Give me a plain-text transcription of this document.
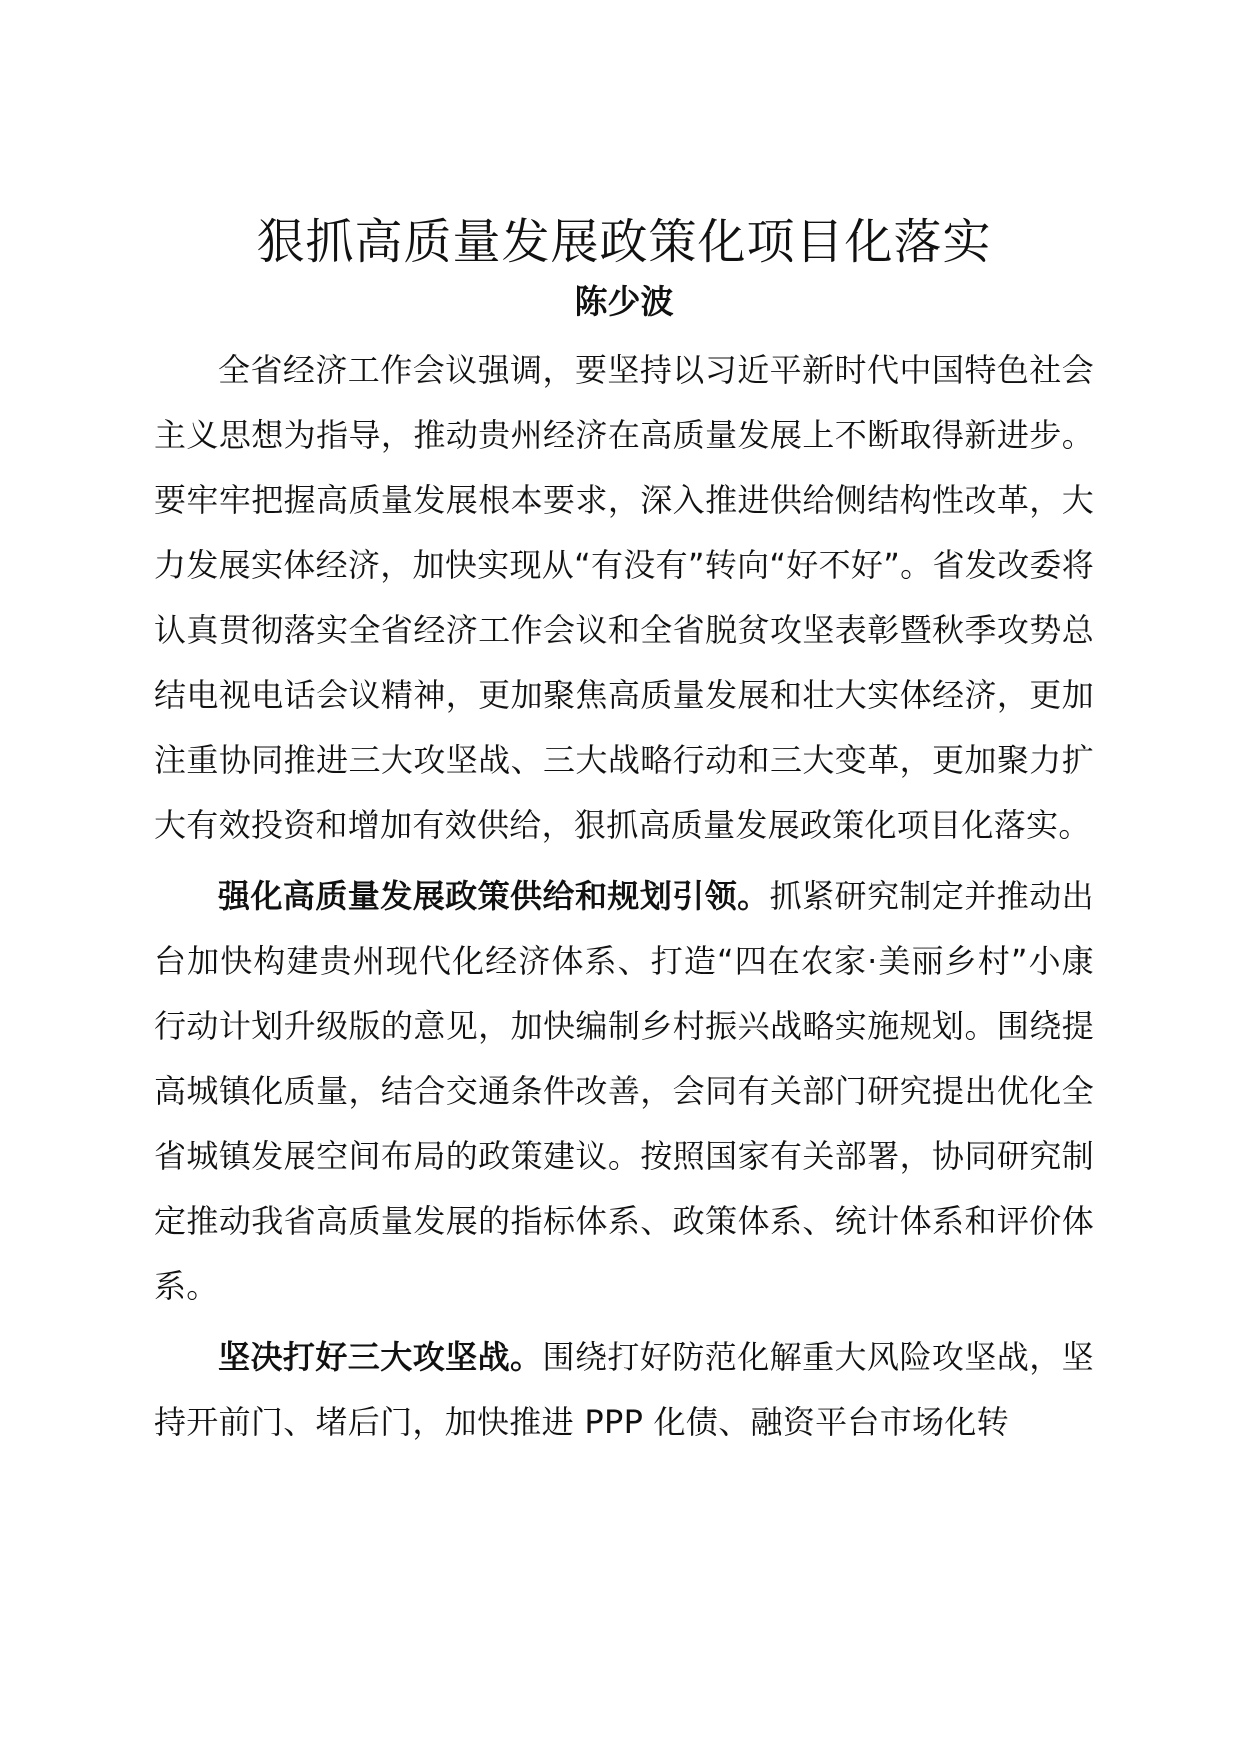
狠抓高质量发展政策化项目化落实
陈少波

全省经济工作会议强调，要坚持以习近平新时代中国特色社会主义思想为指导，推动贵州经济在高质量发展上不断取得新进步。要牢牢把握高质量发展根本要求，深入推进供给侧结构性改革，大力发展实体经济，加快实现从“有没有”转向“好不好”。省发改委将认真贯彻落实全省经济工作会议和全省脱贫攻坚表彰暨秋季攻势总结电视电话会议精神，更加聚焦高质量发展和壮大实体经济，更加注重协同推进三大攻坚战、三大战略行动和三大变革，更加聚力扩大有效投资和增加有效供给，狠抓高质量发展政策化项目化落实。

强化高质量发展政策供给和规划引领。抓紧研究制定并推动出台加快构建贵州现代化经济体系、打造“四在农家·美丽乡村”小康行动计划升级版的意见，加快编制乡村振兴战略实施规划。围绕提高城镇化质量，结合交通条件改善，会同有关部门研究提出优化全省城镇发展空间布局的政策建议。按照国家有关部署，协同研究制定推动我省高质量发展的指标体系、政策体系、统计体系和评价体系。

坚决打好三大攻坚战。围绕打好防范化解重大风险攻坚战，坚持开前门、堵后门，加快推进 PPP 化债、融资平台市场化转
